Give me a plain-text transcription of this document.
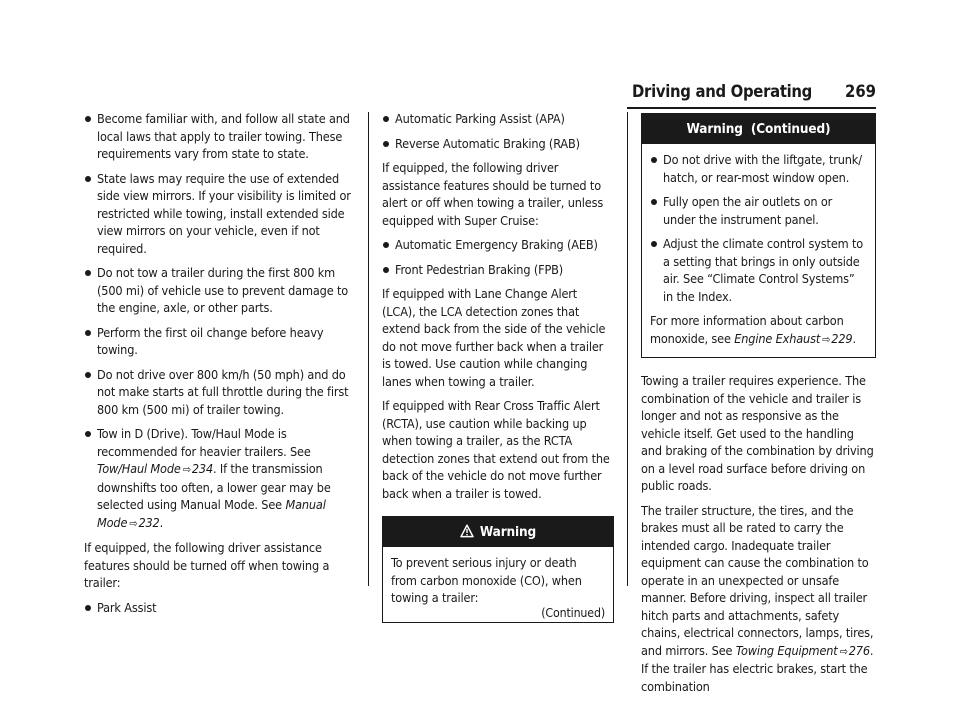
Driving and Operating 269
Become familiar with, and follow all state and local laws that apply to trailer towing. These requirements vary from state to state.
State laws may require the use of extended side view mirrors. If your visibility is limited or restricted while towing, install extended side view mirrors on your vehicle, even if not required.
Do not tow a trailer during the first 800 km (500 mi) of vehicle use to prevent damage to the engine, axle, or other parts.
Perform the first oil change before heavy towing.
Do not drive over 800 km/h (50 mph) and do not make starts at full throttle during the first 800 km (500 mi) of trailer towing.
Tow in D (Drive). Tow/Haul Mode is recommended for heavier trailers. See Tow/Haul Mode ⇨234. If the transmission downshifts too often, a lower gear may be selected using Manual Mode. See Manual Mode ⇨232.

If equipped, the following driver assistance features should be turned off when towing a trailer:

Park Assist
Automatic Parking Assist (APA)
Reverse Automatic Braking (RAB)

If equipped, the following driver assistance features should be turned to alert or off when towing a trailer, unless equipped with Super Cruise:

Automatic Emergency Braking (AEB)
Front Pedestrian Braking (FPB)

If equipped with Lane Change Alert (LCA), the LCA detection zones that extend back from the side of the vehicle do not move further back when a trailer is towed. Use caution while changing lanes when towing a trailer.

If equipped with Rear Cross Traffic Alert (RCTA), use caution while backing up when towing a trailer, as the RCTA detection zones that extend out from the back of the vehicle do not move further back when a trailer is towed.

Warning

To prevent serious injury or death from carbon monoxide (CO), when towing a trailer:

(Continued)
Warning  (Continued)
Do not drive with the liftgate, trunk/ hatch, or rear-most window open.
Fully open the air outlets on or under the instrument panel.
Adjust the climate control system to a setting that brings in only outside air. See “Climate Control Systems” in the Index.

For more information about carbon monoxide, see Engine Exhaust ⇨229.

Towing a trailer requires experience. The combination of the vehicle and trailer is longer and not as responsive as the vehicle itself. Get used to the handling and braking of the combination by driving on a level road surface before driving on public roads.

The trailer structure, the tires, and the brakes must all be rated to carry the intended cargo. Inadequate trailer equipment can cause the combination to operate in an unexpected or unsafe manner. Before driving, inspect all trailer hitch parts and attachments, safety chains, electrical connectors, lamps, tires, and mirrors. See Towing Equipment ⇨276. If the trailer has electric brakes, start the combination
